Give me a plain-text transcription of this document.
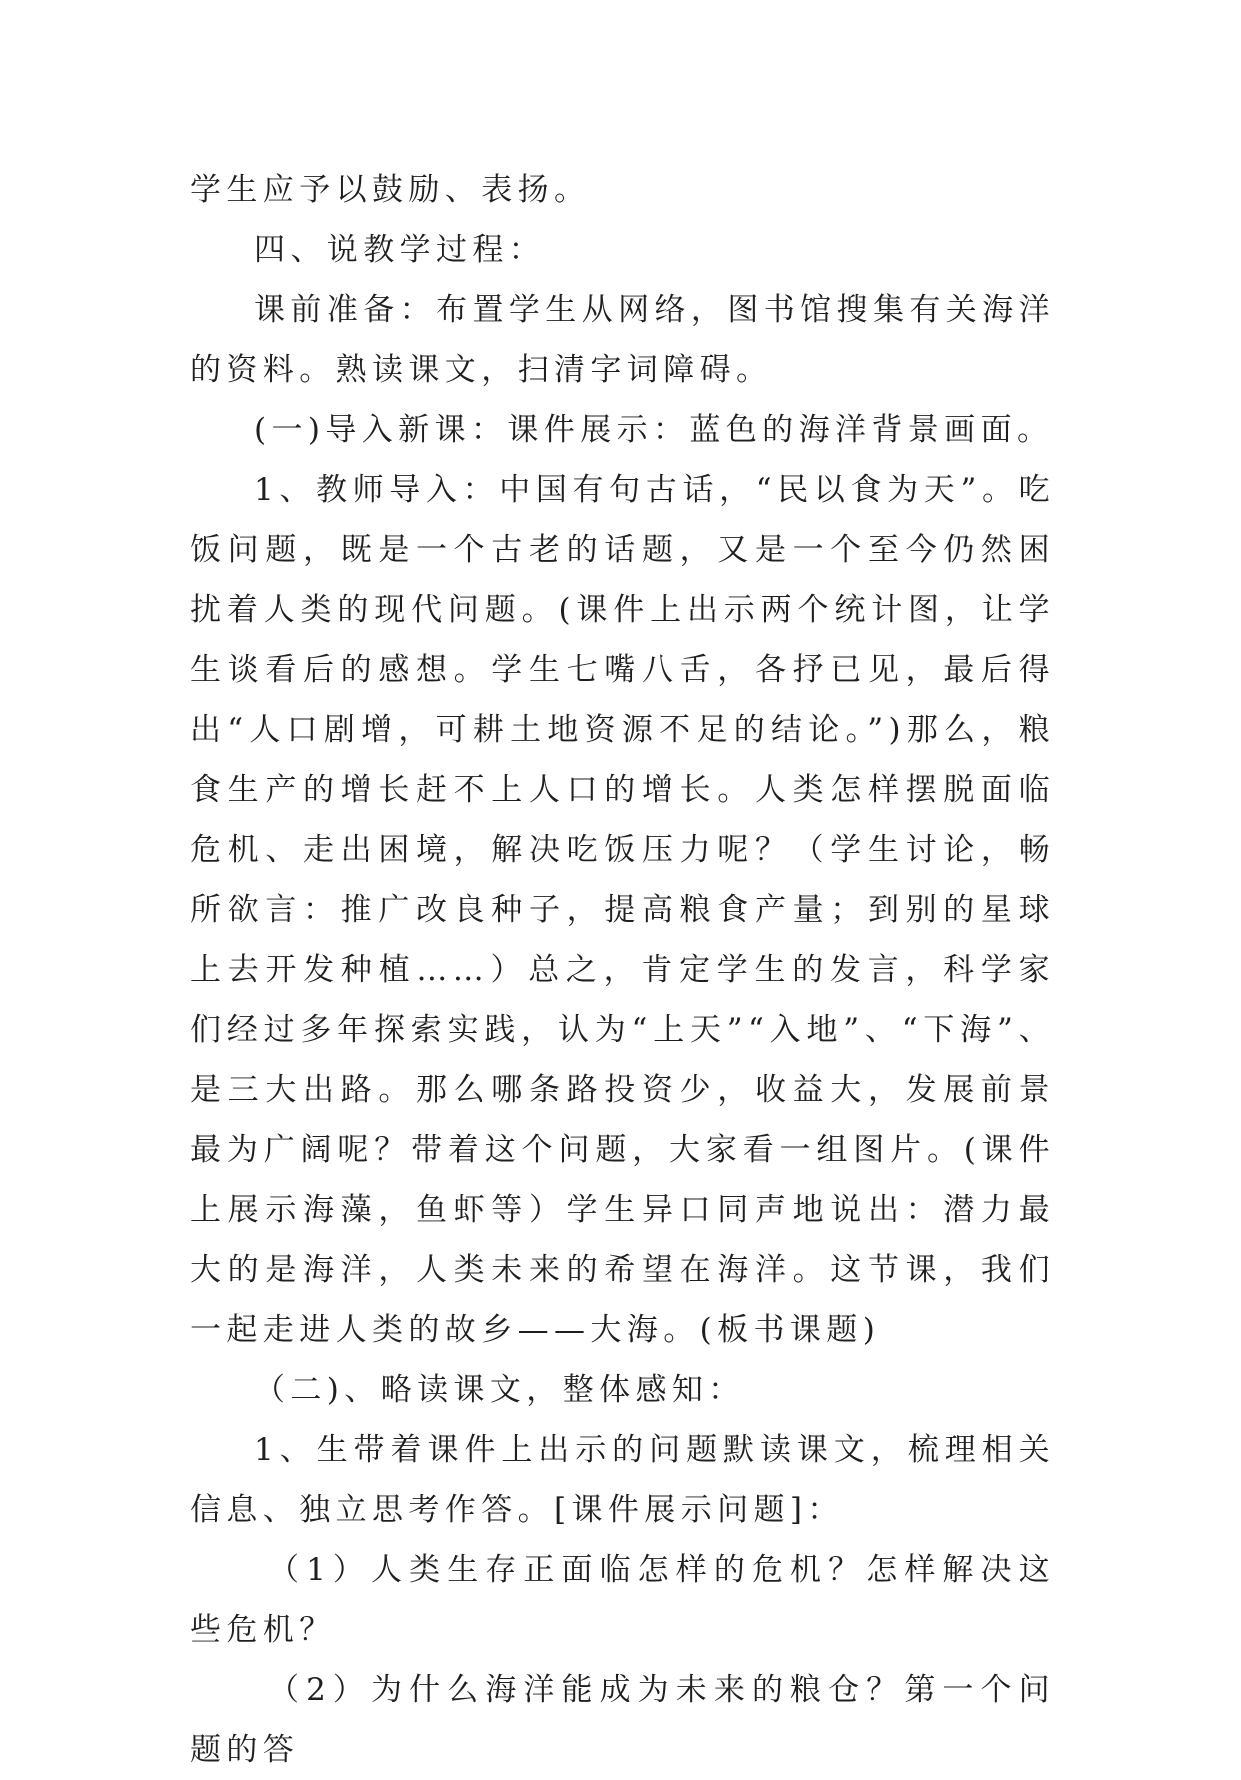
学生应予以鼓励、表扬。

四、说教学过程：

课前准备：布置学生从网络，图书馆搜集有关海洋的资料。熟读课文，扫清字词障碍。

(一)导入新课：课件展示：蓝色的海洋背景画面。

1、教师导入：中国有句古话，“民以食为天”。吃饭问题，既是一个古老的话题，又是一个至今仍然困扰着人类的现代问题。(课件上出示两个统计图，让学生谈看后的感想。学生七嘴八舌，各抒已见，最后得出“人口剧增，可耕土地资源不足的结论。”)那么，粮食生产的增长赶不上人口的增长。人类怎样摆脱面临危机、走出困境，解决吃饭压力呢？（学生讨论，畅所欲言：推广改良种子，提高粮食产量；到别的星球上去开发种植……）总之，肯定学生的发言，科学家们经过多年探索实践，认为“上天”“入地”、“下海”、是三大出路。那么哪条路投资少，收益大，发展前景最为广阔呢？带着这个问题，大家看一组图片。(课件上展示海藻，鱼虾等）学生异口同声地说出：潜力最大的是海洋，人类未来的希望在海洋。这节课，我们一起走进人类的故乡——大海。(板书课题)

（二)、略读课文，整体感知：

1、生带着课件上出示的问题默读课文，梳理相关信息、独立思考作答。[课件展示问题]：

（1）人类生存正面临怎样的危机？怎样解决这些危机？

（2）为什么海洋能成为未来的粮仓？第一个问题的答
